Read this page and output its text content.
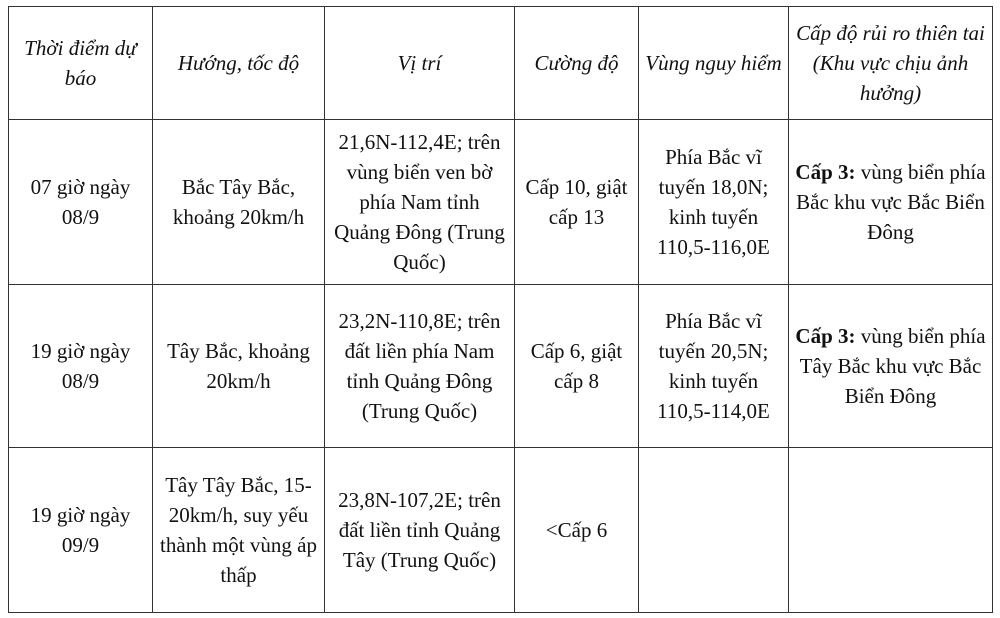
Thời điểm dự báo	Hướng, tốc độ	Vị trí	Cường độ	Vùng nguy hiểm	Cấp độ rủi ro thiên tai (Khu vực chịu ảnh hưởng)
07 giờ ngày 08/9	Bắc Tây Bắc, khoảng 20km/h	21,6N-112,4E; trên vùng biển ven bờ phía Nam tỉnh Quảng Đông (Trung Quốc)	Cấp 10, giật cấp 13	Phía Bắc vĩ tuyến 18,0N; kinh tuyến 110,5-116,0E	Cấp 3: vùng biển phía Bắc khu vực Bắc Biển Đông
19 giờ ngày 08/9	Tây Bắc, khoảng 20km/h	23,2N-110,8E; trên đất liền phía Nam tỉnh Quảng Đông (Trung Quốc)	Cấp 6, giật cấp 8	Phía Bắc vĩ tuyến 20,5N; kinh tuyến 110,5-114,0E	Cấp 3: vùng biển phía Tây Bắc khu vực Bắc Biển Đông
19 giờ ngày 09/9	Tây Tây Bắc, 15-20km/h, suy yếu thành một vùng áp thấp	23,8N-107,2E; trên đất liền tỉnh Quảng Tây (Trung Quốc)	<Cấp 6		
